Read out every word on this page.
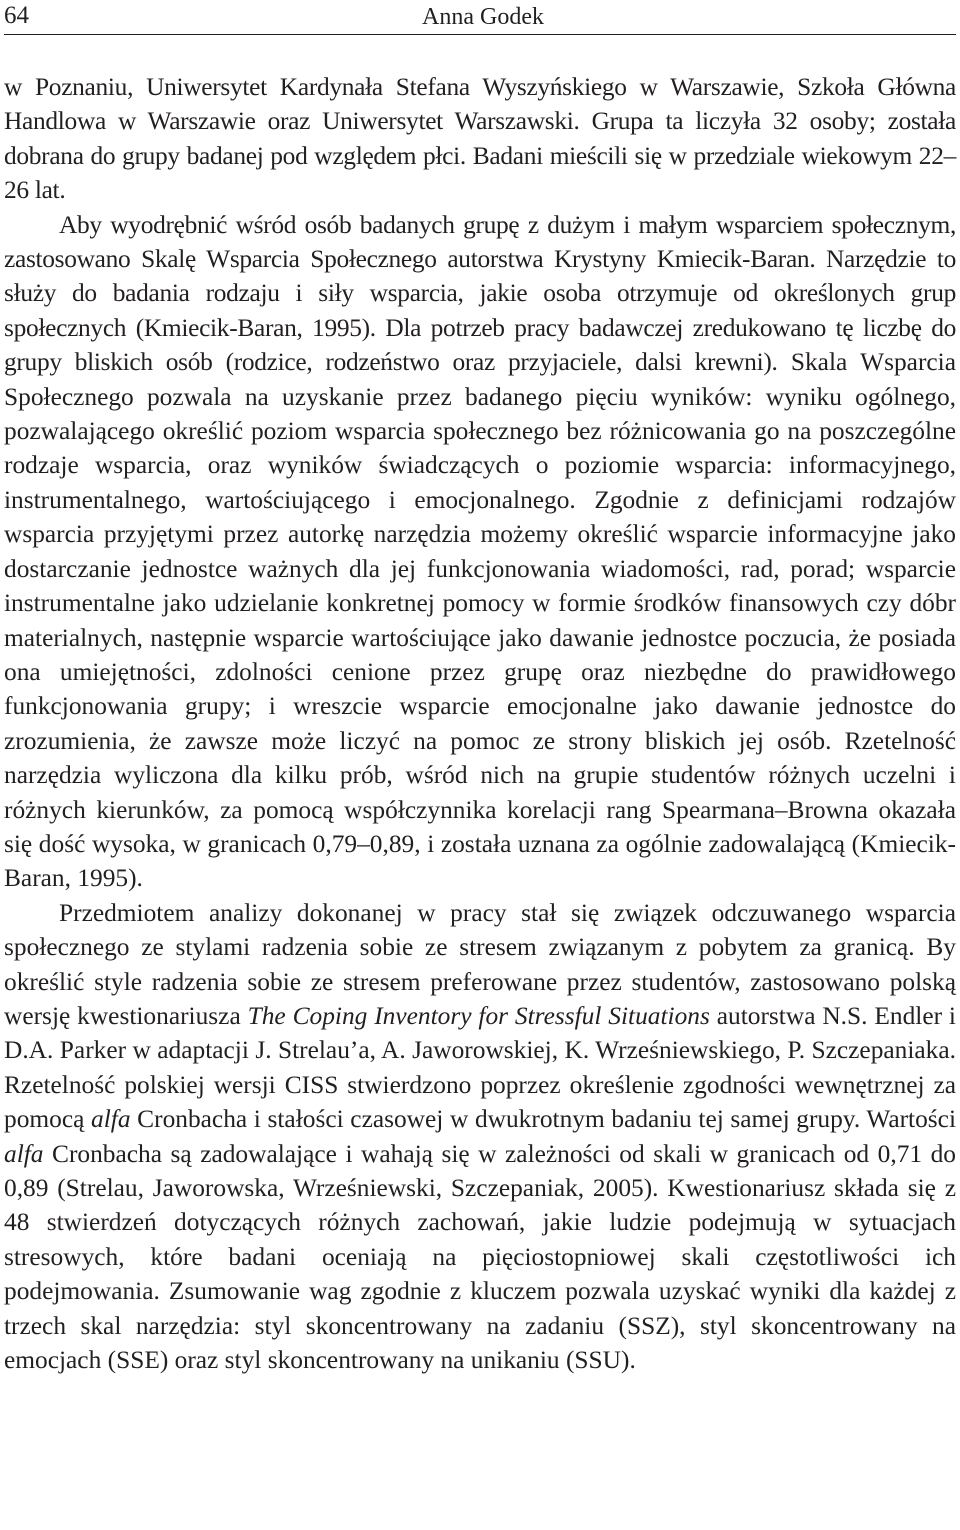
64	Anna Godek

w Poznaniu, Uniwersytet Kardynała Stefana Wyszyńskiego w Warszawie, Szkoła Główna Handlowa w Warszawie oraz Uniwersytet Warszawski. Grupa ta liczyła 32 osoby; została dobrana do grupy badanej pod względem płci. Badani mieścili się w przedziale wiekowym 22–26 lat.

Aby wyodrębnić wśród osób badanych grupę z dużym i małym wsparciem społecznym, zastosowano Skalę Wsparcia Społecznego autorstwa Krystyny Kmiecik-Baran. Narzędzie to służy do badania rodzaju i siły wsparcia, jakie osoba otrzymuje od określonych grup społecznych (Kmiecik-Baran, 1995). Dla potrzeb pracy badawczej zredukowano tę liczbę do grupy bliskich osób (rodzice, rodzeństwo oraz przyjaciele, dalsi krewni). Skala Wsparcia Społecznego pozwala na uzyskanie przez badanego pięciu wyników: wyniku ogólnego, pozwalającego określić poziom wsparcia społecznego bez różnicowania go na poszczególne rodzaje wsparcia, oraz wyników świadczących o poziomie wsparcia: informacyjnego, instrumentalnego, wartościującego i emocjonalnego. Zgodnie z definicjami rodzajów wsparcia przyjętymi przez autorkę narzędzia możemy określić wsparcie informacyjne jako dostarczanie jednostce ważnych dla jej funkcjonowania wiadomości, rad, porad; wsparcie instrumentalne jako udzielanie konkretnej pomocy w formie środków finansowych czy dóbr materialnych, następnie wsparcie wartościujące jako dawanie jednostce poczucia, że posiada ona umiejętności, zdolności cenione przez grupę oraz niezbędne do prawidłowego funkcjonowania grupy; i wreszcie wsparcie emocjonalne jako dawanie jednostce do zrozumienia, że zawsze może liczyć na pomoc ze strony bliskich jej osób. Rzetelność narzędzia wyliczona dla kilku prób, wśród nich na grupie studentów różnych uczelni i różnych kierunków, za pomocą współczynnika korelacji rang Spearmana–Browna okazała się dość wysoka, w granicach 0,79–0,89, i została uznana za ogólnie zadowalającą (Kmiecik-Baran, 1995).

Przedmiotem analizy dokonanej w pracy stał się związek odczuwanego wsparcia społecznego ze stylami radzenia sobie ze stresem związanym z pobytem za granicą. By określić style radzenia sobie ze stresem preferowane przez studentów, zastosowano polską wersję kwestionariusza The Coping Inventory for Stressful Situations autorstwa N.S. Endler i D.A. Parker w adaptacji J. Strelau’a, A. Jaworowskiej, K. Wrześniewskiego, P. Szczepaniaka. Rzetelność polskiej wersji CISS stwierdzono poprzez określenie zgodności wewnętrznej za pomocą alfa Cronbacha i stałości czasowej w dwukrotnym badaniu tej samej grupy. Wartości alfa Cronbacha są zadowalające i wahają się w zależności od skali w granicach od 0,71 do 0,89 (Strelau, Jaworowska, Wrześniewski, Szczepaniak, 2005). Kwestionariusz składa się z 48 stwierdzeń dotyczących różnych zachowań, jakie ludzie podejmują w sytuacjach stresowych, które badani oceniają na pięciostopniowej skali częstotliwości ich podejmowania. Zsumowanie wag zgodnie z kluczem pozwala uzyskać wyniki dla każdej z trzech skal narzędzia: styl skoncentrowany na zadaniu (SSZ), styl skoncentrowany na emocjach (SSE) oraz styl skoncentrowany na unikaniu (SSU).
